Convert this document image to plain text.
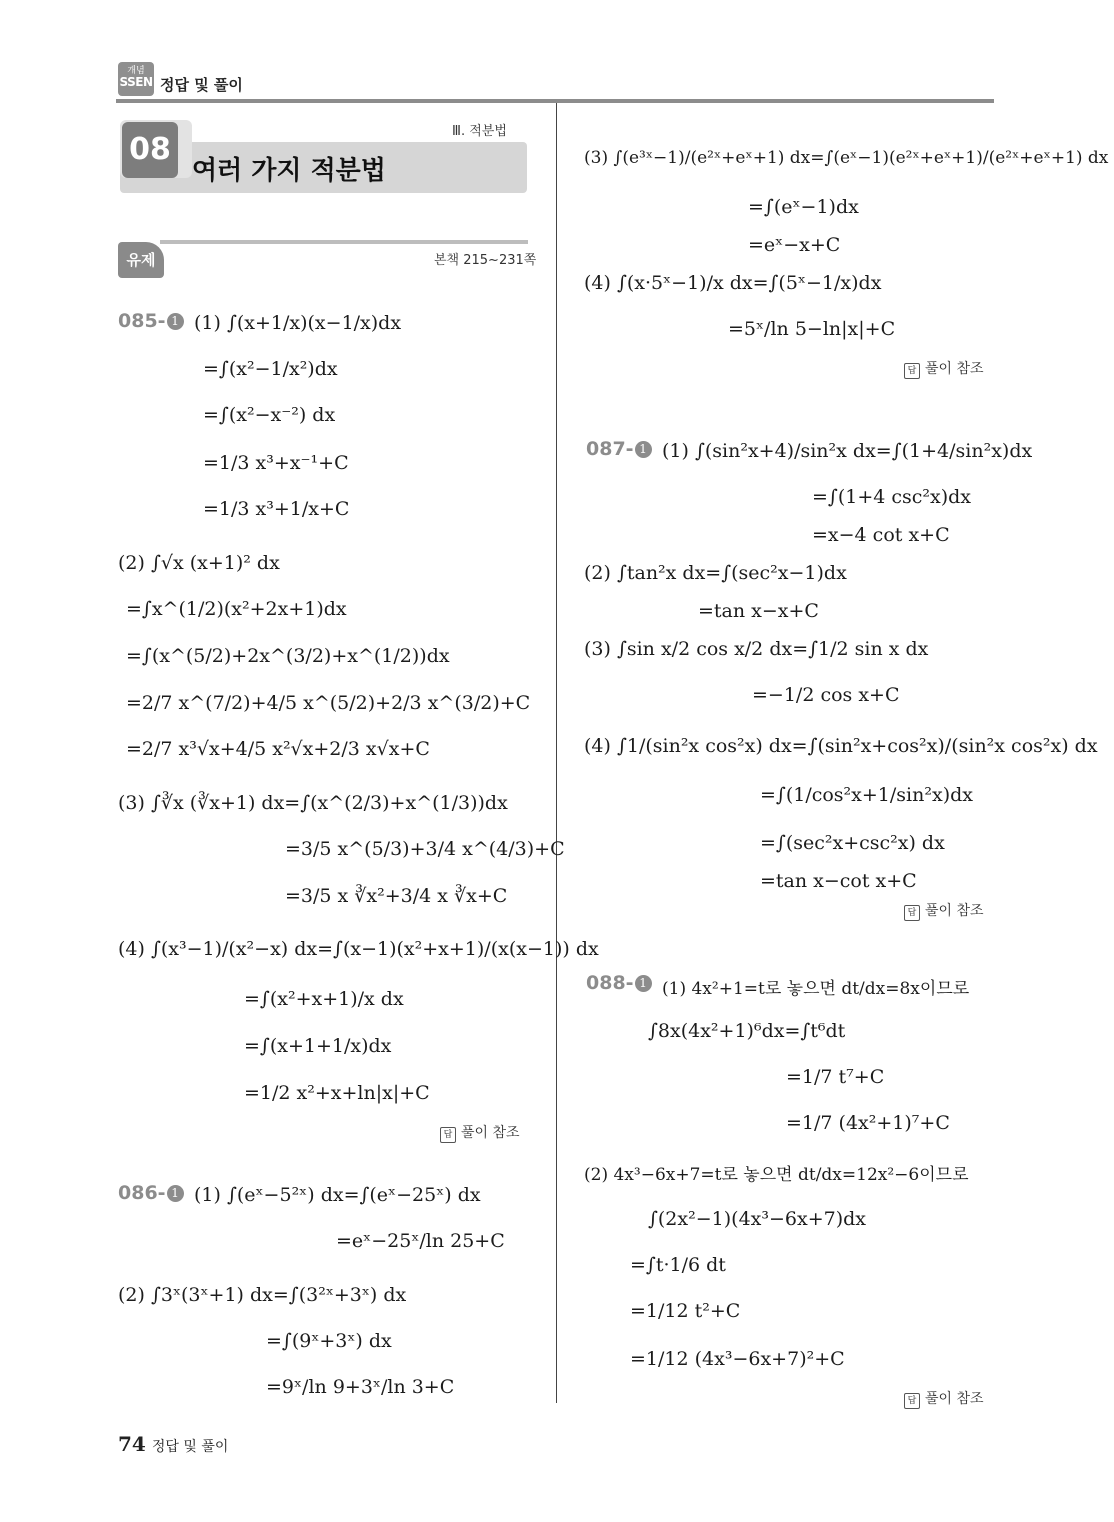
개념
SSEN 정답 및 풀이
08
여러 가지 적분법
Ⅲ. 적분법
유제	본책 215~231쪽
085- 1 (1) ∫(x+1/x)(x−1/x)dx
=∫(x²−1/x²)dx
=∫(x²−x⁻²) dx
=1/3 x³+x⁻¹+C
=1/3 x³+1/x+C
(2) ∫√x (x+1)² dx
=∫x^(1/2)(x²+2x+1)dx
=∫(x^(5/2)+2x^(3/2)+x^(1/2))dx
=2/7 x^(7/2)+4/5 x^(5/2)+2/3 x^(3/2)+C
=2/7 x³√x+4/5 x²√x+2/3 x√x+C
(3) ∫∛x (∛x+1) dx=∫(x^(2/3)+x^(1/3))dx
=3/5 x^(5/3)+3/4 x^(4/3)+C
=3/5 x ∛x²+3/4 x ∛x+C
(4) ∫(x³−1)/(x²−x) dx=∫(x−1)(x²+x+1)/(x(x−1)) dx
=∫(x²+x+1)/x dx
=∫(x+1+1/x)dx
=1/2 x²+x+ln|x|+C
답 풀이 참조
086- 1 (1) ∫(eˣ−5²ˣ) dx=∫(eˣ−25ˣ) dx
=eˣ−25ˣ/ln 25+C
(2) ∫3ˣ(3ˣ+1) dx=∫(3²ˣ+3ˣ) dx
=∫(9ˣ+3ˣ) dx
=9ˣ/ln 9+3ˣ/ln 3+C
(3) ∫(e³ˣ−1)/(e²ˣ+eˣ+1) dx=∫(eˣ−1)(e²ˣ+eˣ+1)/(e²ˣ+eˣ+1) dx
=∫(eˣ−1)dx
=eˣ−x+C
(4) ∫(x·5ˣ−1)/x dx=∫(5ˣ−1/x)dx
=5ˣ/ln 5−ln|x|+C
답 풀이 참조
087- 1 (1) ∫(sin²x+4)/sin²x dx=∫(1+4/sin²x)dx
=∫(1+4 csc²x)dx
=x−4 cot x+C
(2) ∫tan²x dx=∫(sec²x−1)dx
=tan x−x+C
(3) ∫sin x/2 cos x/2 dx=∫1/2 sin x dx
=−1/2 cos x+C
(4) ∫1/(sin²x cos²x) dx=∫(sin²x+cos²x)/(sin²x cos²x) dx
=∫(1/cos²x+1/sin²x)dx
=∫(sec²x+csc²x) dx
=tan x−cot x+C
답 풀이 참조
088- 1 (1) 4x²+1=t로 놓으면 dt/dx=8x이므로
∫8x(4x²+1)⁶dx=∫t⁶dt
=1/7 t⁷+C
=1/7 (4x²+1)⁷+C
(2) 4x³−6x+7=t로 놓으면 dt/dx=12x²−6이므로
∫(2x²−1)(4x³−6x+7)dx
=∫t·1/6 dt
=1/12 t²+C
=1/12 (4x³−6x+7)²+C
답 풀이 참조
74 정답 및 풀이
